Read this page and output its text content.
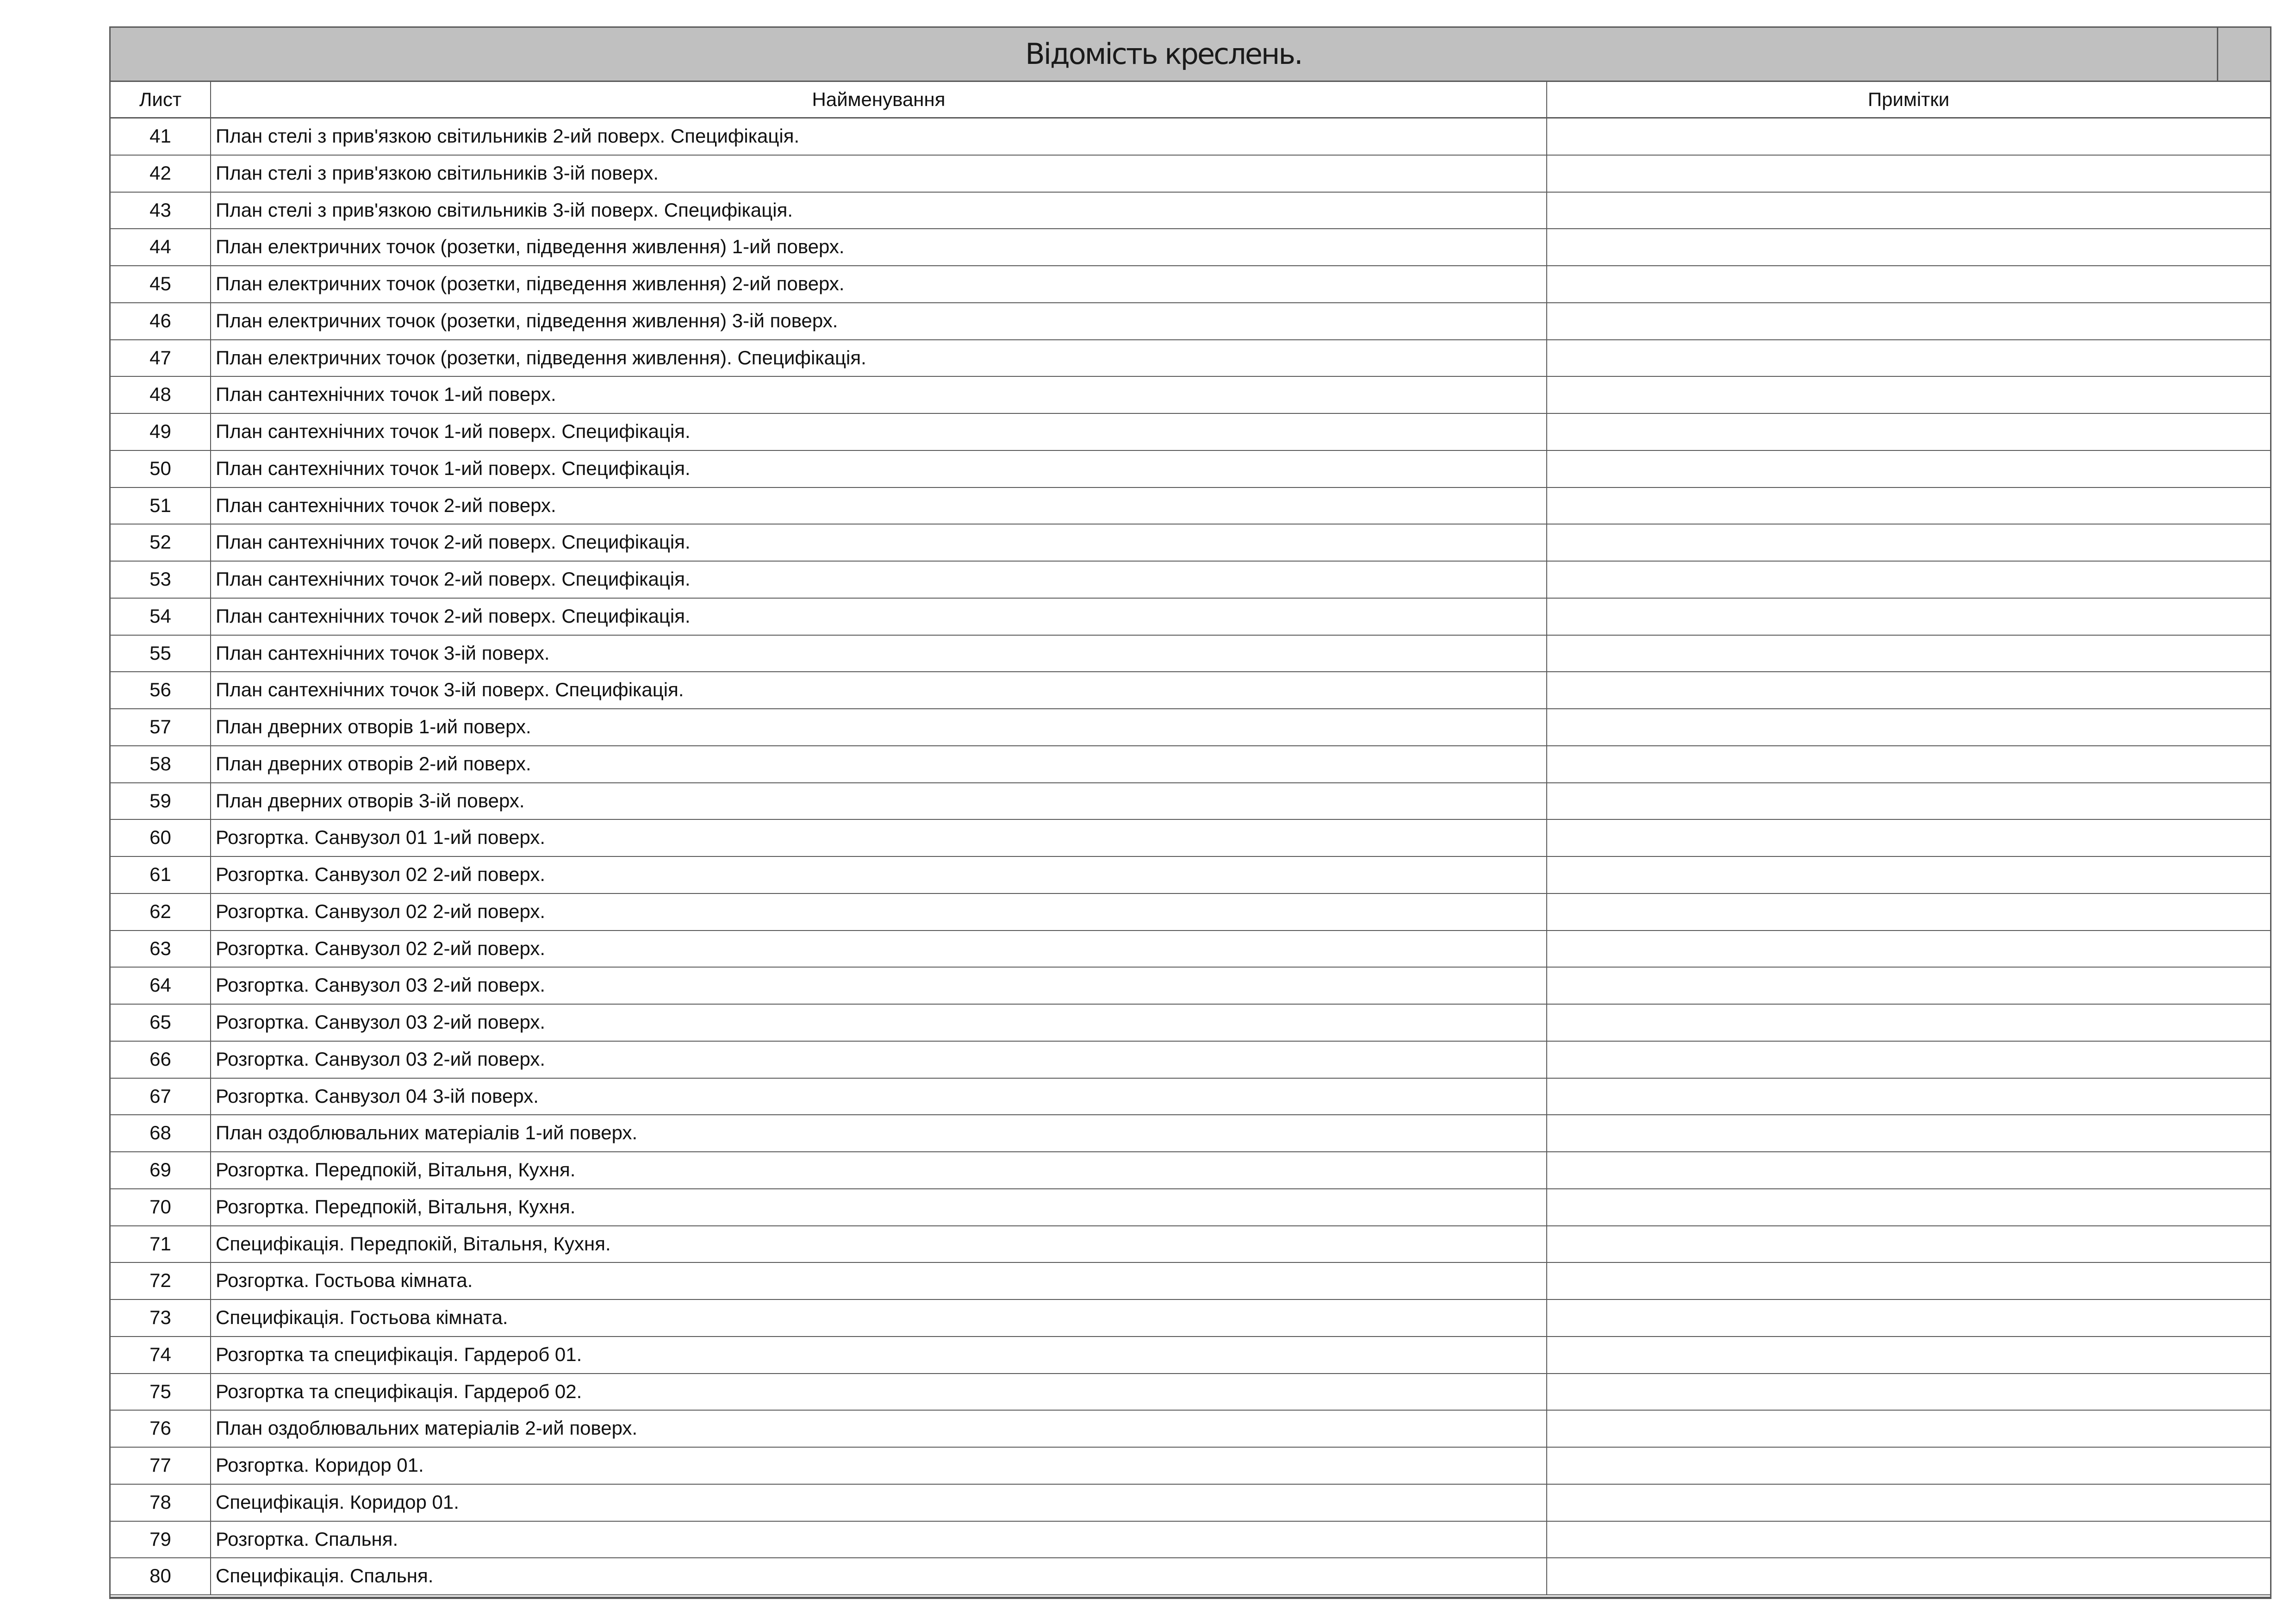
Відомість креслень.
Лист	Найменування	Примітки
41	План стелі з прив'язкою світильників 2-ий поверх. Специфікація.
42	План стелі з прив'язкою світильників 3-ій поверх.
43	План стелі з прив'язкою світильників 3-ій поверх. Специфікація.
44	План електричних точок (розетки, підведення живлення) 1-ий поверх.
45	План електричних точок (розетки, підведення живлення) 2-ий поверх.
46	План електричних точок (розетки, підведення живлення) 3-ій поверх.
47	План електричних точок (розетки, підведення живлення). Специфікація.
48	План сантехнічних точок 1-ий поверх.
49	План сантехнічних точок 1-ий поверх. Специфікація.
50	План сантехнічних точок 1-ий поверх. Специфікація.
51	План сантехнічних точок 2-ий поверх.
52	План сантехнічних точок 2-ий поверх. Специфікація.
53	План сантехнічних точок 2-ий поверх. Специфікація.
54	План сантехнічних точок 2-ий поверх. Специфікація.
55	План сантехнічних точок 3-ій поверх.
56	План сантехнічних точок 3-ій поверх. Специфікація.
57	План дверних отворів 1-ий поверх.
58	План дверних отворів 2-ий поверх.
59	План дверних отворів 3-ій поверх.
60	Розгортка. Санвузол 01 1-ий поверх.
61	Розгортка. Санвузол 02 2-ий поверх.
62	Розгортка. Санвузол 02 2-ий поверх.
63	Розгортка. Санвузол 02 2-ий поверх.
64	Розгортка. Санвузол 03 2-ий поверх.
65	Розгортка. Санвузол 03 2-ий поверх.
66	Розгортка. Санвузол 03 2-ий поверх.
67	Розгортка. Санвузол 04 3-ій поверх.
68	План оздоблювальних матеріалів 1-ий поверх.
69	Розгортка. Передпокій, Вітальня, Кухня.
70	Розгортка. Передпокій, Вітальня, Кухня.
71	Специфікація. Передпокій, Вітальня, Кухня.
72	Розгортка. Гостьова кімната.
73	Специфікація. Гостьова кімната.
74	Розгортка та специфікація. Гардероб 01.
75	Розгортка та специфікація. Гардероб 02.
76	План оздоблювальних матеріалів 2-ий поверх.
77	Розгортка. Коридор 01.
78	Специфікація. Коридор 01.
79	Розгортка. Спальня.
80	Специфікація. Спальня.
